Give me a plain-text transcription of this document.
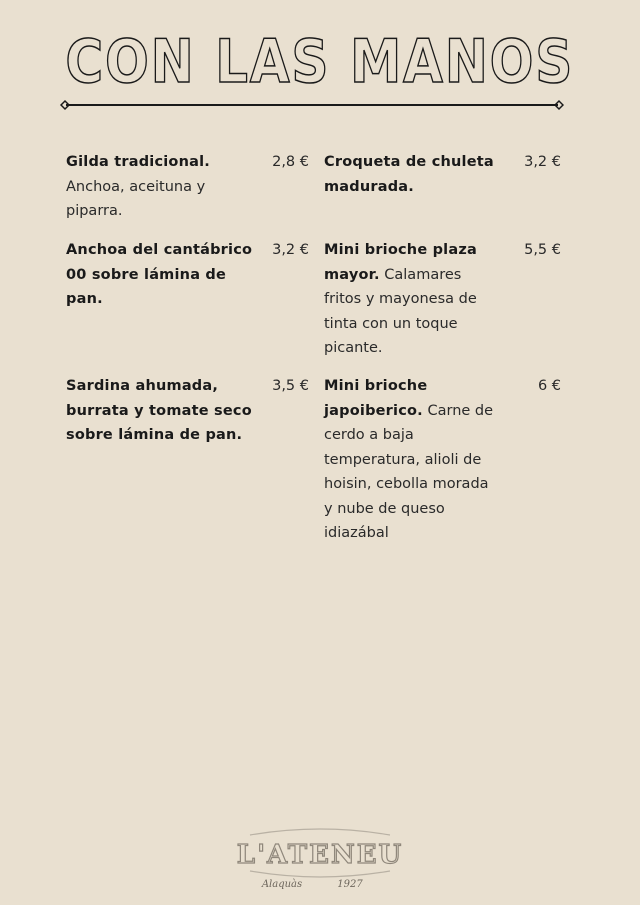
CON LAS MANOS
Gilda tradicional.
Anchoa, aceituna y piparra.
2,8 €
Anchoa del cantábrico 00 sobre lámina de pan.
3,2 €
Sardina ahumada, burrata y tomate seco sobre lámina de pan.
3,5 €
Croqueta de chuleta madurada.
3,2 €
Mini brioche plaza mayor. Calamares fritos y mayonesa de tinta con un toque picante.
5,5 €
Mini brioche japoiberico. Carne de cerdo a baja temperatura, alioli de hoisin, cebolla morada y nube de queso idiazábal
6 €
L'ATENEU
Alaquàs	1927
